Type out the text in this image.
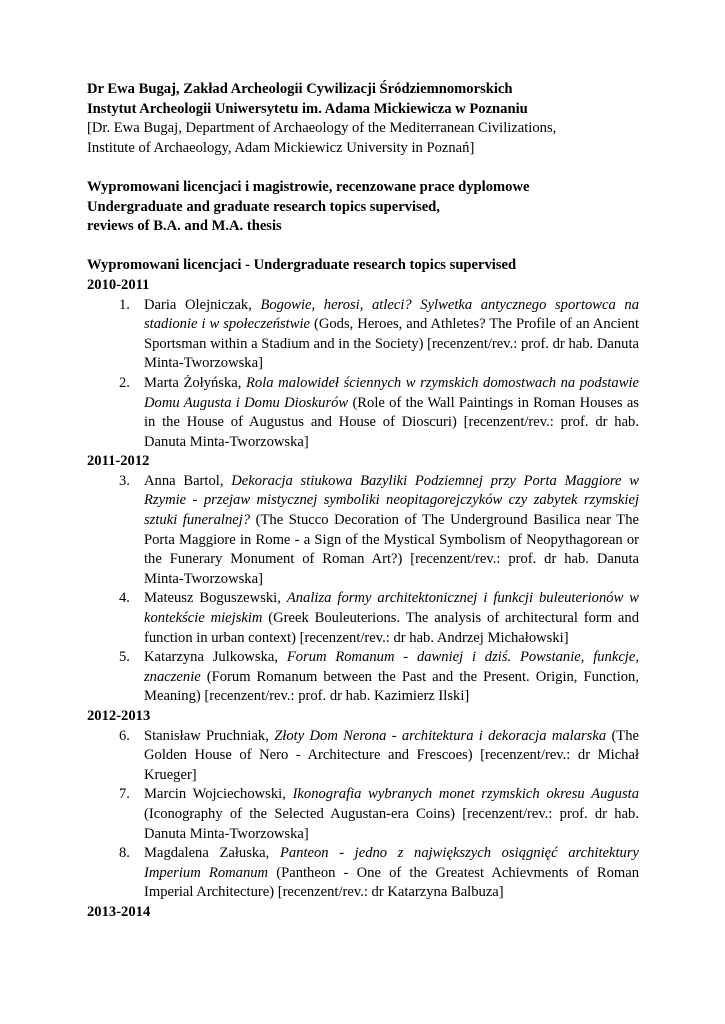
Dr Ewa Bugaj, Zakład Archeologii Cywilizacji Śródziemnomorskich

Instytut Archeologii Uniwersytetu im. Adama Mickiewicza w Poznaniu

[Dr. Ewa Bugaj, Department of Archaeology of the Mediterranean Civilizations,

Institute of Archaeology, Adam Mickiewicz University in Poznań]

Wypromowani licencjaci i magistrowie, recenzowane prace dyplomowe

Undergraduate and graduate research topics supervised,

reviews of B.A. and M.A. thesis

Wypromowani licencjaci - Undergraduate research topics supervised

2010-2011

1. Daria Olejniczak, Bogowie, herosi, atleci? Sylwetka antycznego sportowca na stadionie i w społeczeństwie (Gods, Heroes, and Athletes? The Profile of an Ancient Sportsman within a Stadium and in the Society) [recenzent/rev.: prof. dr hab. Danuta Minta-Tworzowska]
2. Marta Żołyńska, Rola malowideł ściennych w rzymskich domostwach na podstawie Domu Augusta i Domu Dioskurów (Role of the Wall Paintings in Roman Houses as in the House of Augustus and House of Dioscuri) [recenzent/rev.: prof. dr hab. Danuta Minta-Tworzowska]

2011-2012

3. Anna Bartol, Dekoracja stiukowa Bazyliki Podziemnej przy Porta Maggiore w Rzymie - przejaw mistycznej symboliki neopitagorejczyków czy zabytek rzymskiej sztuki funeralnej? (The Stucco Decoration of The Underground Basilica near The Porta Maggiore in Rome - a Sign of the Mystical Symbolism of Neopythagorean or the Funerary Monument of Roman Art?) [recenzent/rev.: prof. dr hab. Danuta Minta-Tworzowska]
4. Mateusz Boguszewski, Analiza formy architektonicznej i funkcji buleuterionów w kontekście miejskim (Greek Bouleuterions. The analysis of architectural form and function in urban context) [recenzent/rev.: dr hab. Andrzej Michałowski]
5. Katarzyna Julkowska, Forum Romanum - dawniej i dziś. Powstanie, funkcje, znaczenie (Forum Romanum between the Past and the Present. Origin, Function, Meaning) [recenzent/rev.: prof. dr hab. Kazimierz Ilski]

2012-2013

6. Stanisław Pruchniak, Złoty Dom Nerona - architektura i dekoracja malarska (The Golden House of Nero - Architecture and Frescoes) [recenzent/rev.: dr Michał Krueger]
7. Marcin Wojciechowski, Ikonografia wybranych monet rzymskich okresu Augusta (Iconography of the Selected Augustan-era Coins) [recenzent/rev.: prof. dr hab. Danuta Minta-Tworzowska]
8. Magdalena Załuska, Panteon - jedno z największych osiągnięć architektury Imperium Romanum (Pantheon - One of the Greatest Achievments of Roman Imperial Architecture) [recenzent/rev.: dr Katarzyna Balbuza]

2013-2014
